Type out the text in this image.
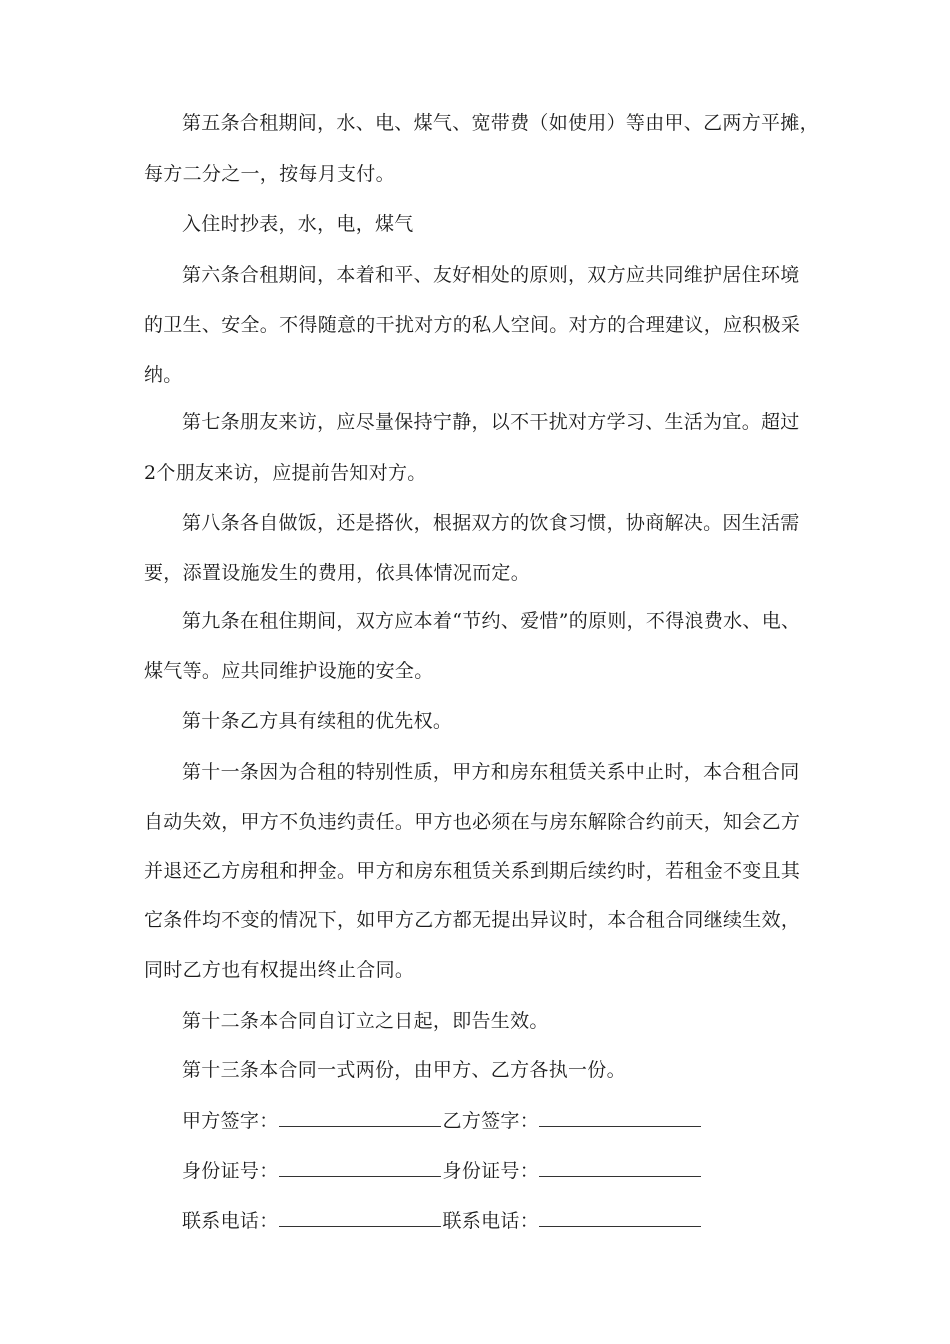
第五条合租期间，水、电、煤气、宽带费（如使用）等由甲、乙两方平摊，
每方二分之一，按每月支付。
入住时抄表，水，电，煤气
第六条合租期间，本着和平、友好相处的原则，双方应共同维护居住环境
的卫生、安全。不得随意的干扰对方的私人空间。对方的合理建议，应积极采
纳。
第七条朋友来访，应尽量保持宁静，以不干扰对方学习、生活为宜。超过
2个朋友来访，应提前告知对方。
第八条各自做饭，还是搭伙，根据双方的饮食习惯，协商解决。因生活需
要，添置设施发生的费用，依具体情况而定。
第九条在租住期间，双方应本着“节约、爱惜”的原则，不得浪费水、电、
煤气等。应共同维护设施的安全。
第十条乙方具有续租的优先权。
第十一条因为合租的特别性质，甲方和房东租赁关系中止时，本合租合同
自动失效，甲方不负违约责任。甲方也必须在与房东解除合约前天，知会乙方
并退还乙方房租和押金。甲方和房东租赁关系到期后续约时，若租金不变且其
它条件均不变的情况下，如甲方乙方都无提出异议时，本合租合同继续生效，
同时乙方也有权提出终止合同。
第十二条本合同自订立之日起，即告生效。
第十三条本合同一式两份，由甲方、乙方各执一份。
甲方签字：	乙方签字：
身份证号：	身份证号：
联系电话：	联系电话：
